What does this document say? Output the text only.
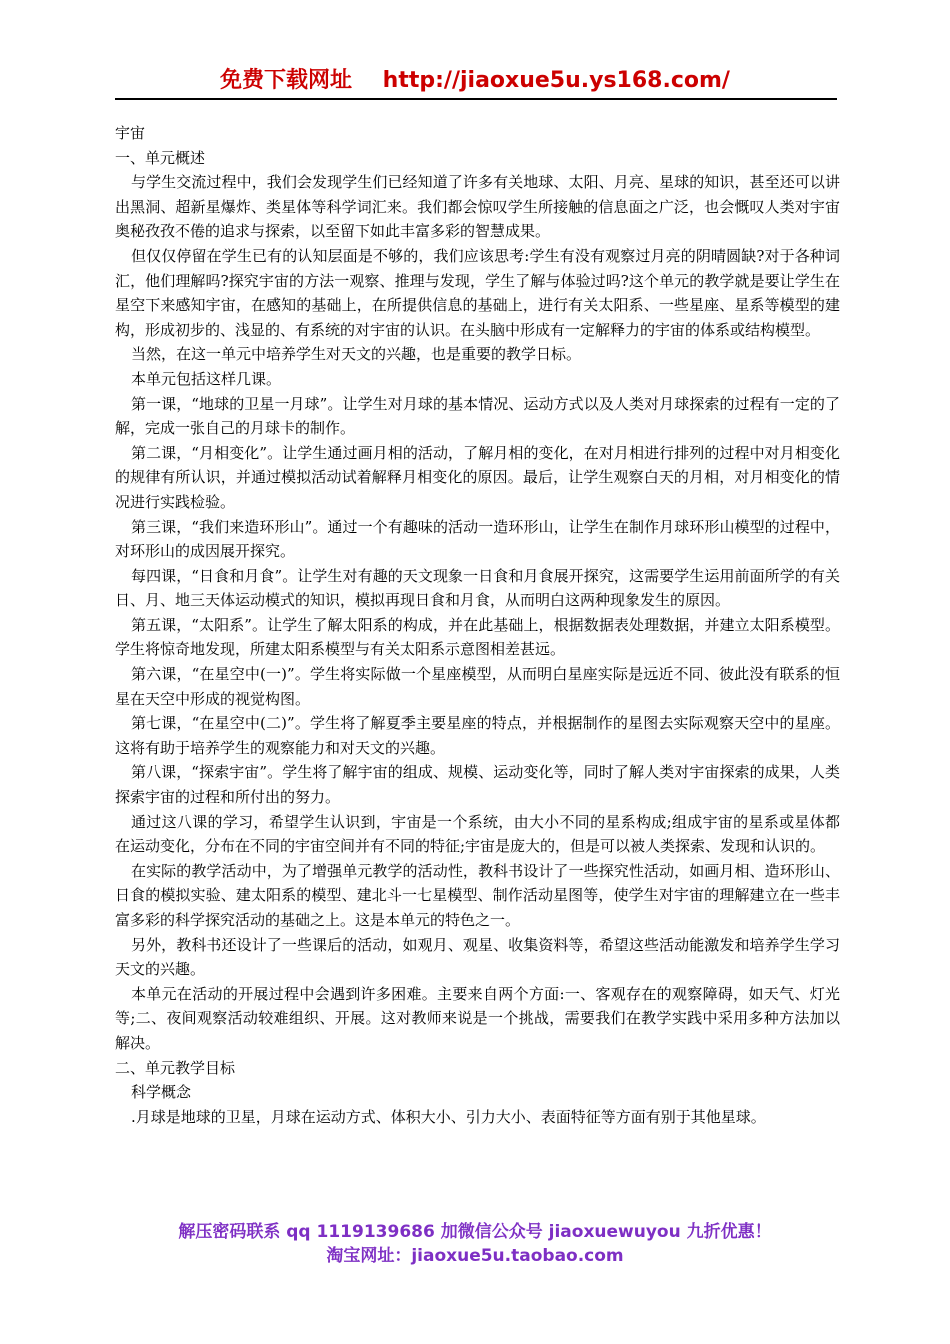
免费下载网址 http://jiaoxue5u.ys168.com/

宇宙

一、单元概述

与学生交流过程中，我们会发现学生们已经知道了许多有关地球、太阳、月亮、星球的知识，甚至还可以讲出黑洞、超新星爆炸、类星体等科学词汇来。我们都会惊叹学生所接触的信息面之广泛，也会慨叹人类对宇宙奥秘孜孜不倦的追求与探索，以至留下如此丰富多彩的智慧成果。

但仅仅停留在学生已有的认知层面是不够的，我们应该思考:学生有没有观察过月亮的阴晴圆缺?对于各种词汇，他们理解吗?探究宇宙的方法一观察、推理与发现，学生了解与体验过吗?这个单元的教学就是要让学生在星空下来感知宇宙，在感知的基础上，在所提供信息的基础上，进行有关太阳系、一些星座、星系等模型的建构，形成初步的、浅显的、有系统的对宇宙的认识。在头脑中形成有一定解释力的宇宙的体系或结构模型。

当然，在这一单元中培养学生对天文的兴趣，也是重要的教学日标。

本单元包括这样几课。

第一课，“地球的卫星一月球”。让学生对月球的基本情况、运动方式以及人类对月球探索的过程有一定的了解，完成一张自己的月球卡的制作。

第二课，“月相变化”。让学生通过画月相的活动，了解月相的变化，在对月相进行排列的过程中对月相变化的规律有所认识，并通过模拟活动试着解释月相变化的原因。最后，让学生观察白天的月相，对月相变化的情况进行实践检验。

第三课，“我们来造环形山”。通过一个有趣味的活动一造环形山，让学生在制作月球环形山模型的过程中，对环形山的成因展开探究。

每四课，“日食和月食”。让学生对有趣的天文现象一日食和月食展开探究，这需要学生运用前面所学的有关日、月、地三天体运动模式的知识，模拟再现日食和月食，从而明白这两种现象发生的原因。

第五课，“太阳系”。让学生了解太阳系的构成，并在此基础上，根据数据表处理数据，并建立太阳系模型。学生将惊奇地发现，所建太阳系模型与有关太阳系示意图相差甚远。

第六课，“在星空中(一)”。学生将实际做一个星座模型，从而明白星座实际是远近不同、彼此没有联系的恒星在天空中形成的视觉构图。

第七课，“在星空中(二)”。学生将了解夏季主要星座的特点，并根据制作的星图去实际观察天空中的星座。这将有助于培养学生的观察能力和对天文的兴趣。

第八课，“探索宇宙”。学生将了解宇宙的组成、规模、运动变化等，同时了解人类对宇宙探索的成果，人类探索宇宙的过程和所付出的努力。

通过这八课的学习，希望学生认识到，宇宙是一个系统，由大小不同的星系构成;组成宇宙的星系或星体都在运动变化，分布在不同的宇宙空间并有不同的特征;宇宙是庞大的，但是可以被人类探索、发现和认识的。

在实际的教学活动中，为了增强单元教学的活动性，教科书设计了一些探究性活动，如画月相、造环形山、日食的模拟实验、建太阳系的模型、建北斗一七星模型、制作活动星图等，使学生对宇宙的理解建立在一些丰富多彩的科学探究活动的基础之上。这是本单元的特色之一。

另外，教科书还设计了一些课后的活动，如观月、观星、收集资料等，希望这些活动能激发和培养学生学习天文的兴趣。

本单元在活动的开展过程中会遇到许多困难。主要来自两个方面:一、客观存在的观察障碍，如天气、灯光等;二、夜间观察活动较难组织、开展。这对教师来说是一个挑战，需要我们在教学实践中采用多种方法加以解决。

二、单元教学目标

科学概念

.月球是地球的卫星，月球在运动方式、体积大小、引力大小、表面特征等方面有别于其他星球。

解压密码联系 qq 1119139686 加微信公众号 jiaoxuewuyou 九折优惠！
淘宝网址：jiaoxue5u.taobao.com
